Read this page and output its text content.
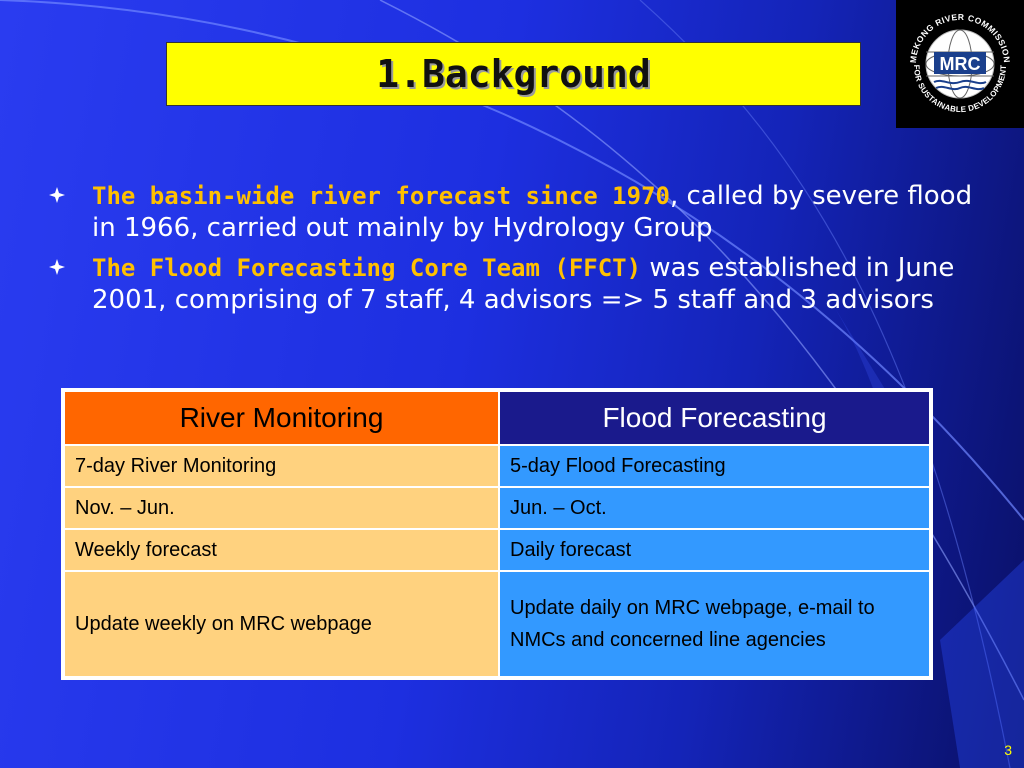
1.Background	MRC
MEKONG RIVER COMMISSION
FOR SUSTAINABLE DEVELOPMENT
The basin-wide river forecast since 1970, called by severe flood in 1966, carried out mainly by Hydrology Group
The Flood Forecasting Core Team (FFCT) was established in June 2001, comprising of 7 staff, 4 advisors => 5 staff and 3 advisors
River Monitoring	Flood Forecasting
7-day River Monitoring	5-day Flood Forecasting
Nov. – Jun.	Jun. – Oct.
Weekly forecast	Daily forecast
Update weekly on MRC webpage	Update daily on MRC webpage, e-mail to NMCs and concerned line agencies
3
